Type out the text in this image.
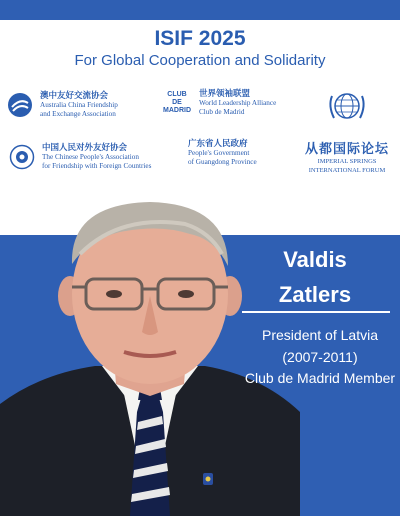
ISIF 2025
For Global Cooperation and Solidarity
澳中友好交流协会
Australia China Friendship
and Exchange Association
CLUB
DE
MADRID
世界领袖联盟
World Leadership Alliance
Club de Madrid
中国人民对外友好协会
The Chinese People's Association
for Friendship with Foreign Countries
广东省人民政府
People's Government
of Guangdong Province
从都国际论坛
IMPERIAL SPRINGS
INTERNATIONAL FORUM
Valdis
Zatlers
President of Latvia
(2007-2011)
Club de Madrid Member
